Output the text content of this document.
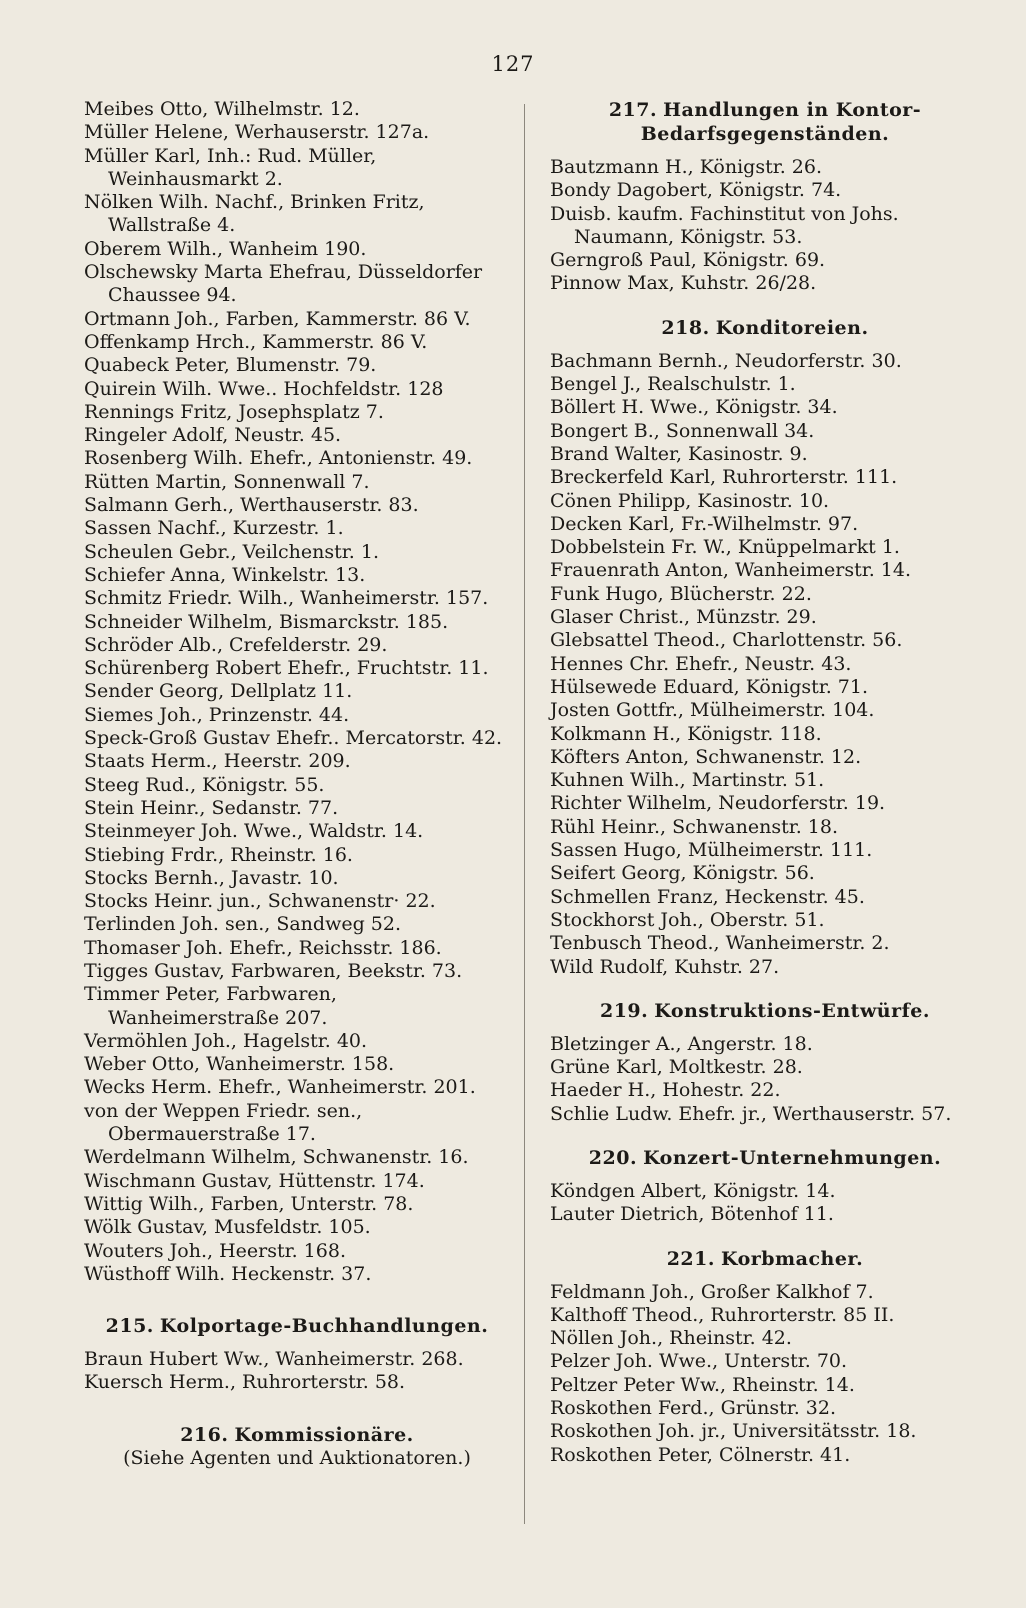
127
Meibes Otto, Wilhelmstr. 12.
Müller Helene, Werhauserstr. 127a.
Müller Karl, Inh.: Rud. Müller, Weinhausmarkt 2.
Nölken Wilh. Nachf., Brinken Fritz, Wallstraße 4.
Oberem Wilh., Wanheim 190.
Olschewsky Marta Ehefrau, Düsseldorfer Chaussee 94.
Ortmann Joh., Farben, Kammerstr. 86 V.
Offenkamp Hrch., Kammerstr. 86 V.
Quabeck Peter, Blumenstr. 79.
Quirein Wilh. Wwe.. Hochfeldstr. 128
Rennings Fritz, Josephsplatz 7.
Ringeler Adolf, Neustr. 45.
Rosenberg Wilh. Ehefr., Antonienstr. 49.
Rütten Martin, Sonnenwall 7.
Salmann Gerh., Werthauserstr. 83.
Sassen Nachf., Kurzestr. 1.
Scheulen Gebr., Veilchenstr. 1.
Schiefer Anna, Winkelstr. 13.
Schmitz Friedr. Wilh., Wanheimerstr. 157.
Schneider Wilhelm, Bismarckstr. 185.
Schröder Alb., Crefelderstr. 29.
Schürenberg Robert Ehefr., Fruchtstr. 11.
Sender Georg, Dellplatz 11.
Siemes Joh., Prinzenstr. 44.
Speck-Groß Gustav Ehefr.. Mercatorstr. 42.
Staats Herm., Heerstr. 209.
Steeg Rud., Königstr. 55.
Stein Heinr., Sedanstr. 77.
Steinmeyer Joh. Wwe., Waldstr. 14.
Stiebing Frdr., Rheinstr. 16.
Stocks Bernh., Javastr. 10.
Stocks Heinr. jun., Schwanenstr· 22.
Terlinden Joh. sen., Sandweg 52.
Thomaser Joh. Ehefr., Reichsstr. 186.
Tigges Gustav, Farbwaren, Beekstr. 73.
Timmer Peter, Farbwaren, Wanheimerstraße 207.
Vermöhlen Joh., Hagelstr. 40.
Weber Otto, Wanheimerstr. 158.
Wecks Herm. Ehefr., Wanheimerstr. 201.
von der Weppen Friedr. sen., Obermauerstraße 17.
Werdelmann Wilhelm, Schwanenstr. 16.
Wischmann Gustav, Hüttenstr. 174.
Wittig Wilh., Farben, Unterstr. 78.
Wölk Gustav, Musfeldstr. 105.
Wouters Joh., Heerstr. 168.
Wüsthoff Wilh. Heckenstr. 37.
215. Kolportage-Buchhandlungen.
Braun Hubert Ww., Wanheimerstr. 268.
Kuersch Herm., Ruhrorterstr. 58.
216. Kommissionäre.
(Siehe Agenten und Auktionatoren.)
217. Handlungen in Kontor-
Bedarfsgegenständen.
Bautzmann H., Königstr. 26.
Bondy Dagobert, Königstr. 74.
Duisb. kaufm. Fachinstitut von Johs. Naumann, Königstr. 53.
Gerngroß Paul, Königstr. 69.
Pinnow Max, Kuhstr. 26/28.
218. Konditoreien.
Bachmann Bernh., Neudorferstr. 30.
Bengel J., Realschulstr. 1.
Böllert H. Wwe., Königstr. 34.
Bongert B., Sonnenwall 34.
Brand Walter, Kasinostr. 9.
Breckerfeld Karl, Ruhrorterstr. 111.
Cönen Philipp, Kasinostr. 10.
Decken Karl, Fr.-Wilhelmstr. 97.
Dobbelstein Fr. W., Knüppelmarkt 1.
Frauenrath Anton, Wanheimerstr. 14.
Funk Hugo, Blücherstr. 22.
Glaser Christ., Münzstr. 29.
Glebsattel Theod., Charlottenstr. 56.
Hennes Chr. Ehefr., Neustr. 43.
Hülsewede Eduard, Königstr. 71.
Josten Gottfr., Mülheimerstr. 104.
Kolkmann H., Königstr. 118.
Köfters Anton, Schwanenstr. 12.
Kuhnen Wilh., Martinstr. 51.
Richter Wilhelm, Neudorferstr. 19.
Rühl Heinr., Schwanenstr. 18.
Sassen Hugo, Mülheimerstr. 111.
Seifert Georg, Königstr. 56.
Schmellen Franz, Heckenstr. 45.
Stockhorst Joh., Oberstr. 51.
Tenbusch Theod., Wanheimerstr. 2.
Wild Rudolf, Kuhstr. 27.
219. Konstruktions-Entwürfe.
Bletzinger A., Angerstr. 18.
Grüne Karl, Moltkestr. 28.
Haeder H., Hohestr. 22.
Schlie Ludw. Ehefr. jr., Werthauserstr. 57.
220. Konzert-Unternehmungen.
Köndgen Albert, Königstr. 14.
Lauter Dietrich, Bötenhof 11.
221. Korbmacher.
Feldmann Joh., Großer Kalkhof 7.
Kalthoff Theod., Ruhrorterstr. 85 II.
Nöllen Joh., Rheinstr. 42.
Pelzer Joh. Wwe., Unterstr. 70.
Peltzer Peter Ww., Rheinstr. 14.
Roskothen Ferd., Grünstr. 32.
Roskothen Joh. jr., Universitätsstr. 18.
Roskothen Peter, Cölnerstr. 41.
